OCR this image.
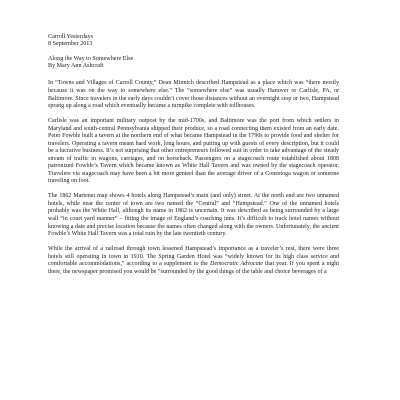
Carroll Yesterdays
8 September 2013
Along the Way to Somewhere Else
By Mary Ann Ashcraft

In “Towns and Villages of Carroll County,” Dean Minnich described Hampstead as a place which was “there mostly because it was on the way to somewhere else.” The “somewhere else” was usually Hanover or Carlisle, PA, or Baltimore. Since travelers in the early days couldn’t cover those distances without an overnight stop or two, Hampstead sprang up along a road which eventually became a turnpike complete with tollhouses.

Carlisle was an important military outpost by the mid-1700s, and Baltimore was the port from which settlers in Maryland and south-central Pennsylvania shipped their produce, so a road connecting them existed from an early date. Peter Fowble built a tavern at the northern end of what became Hampstead in the 1790s to provide food and shelter for travelers. Operating a tavern meant hard work, long hours, and putting up with guests of every description, but it could be a lucrative business. It’s not surprising that other entrepreneurs followed suit in order to take advantage of the steady stream of traffic in wagons, carriages, and on horseback. Passengers on a stagecoach route established about 1808 patronized Fowble’s Tavern which became known as White Hall Tavern and was owned by the stagecoach operator. Travelers via stagecoach may have been a bit more genteel than the average driver of a Conestoga wagon or someone traveling on foot.

The 1862 Martenet map shows 4 hotels along Hampstead’s main (and only) street. At the north end are two unnamed hotels, while near the center of town are two named the “Central” and “Hampstead.” One of the unnamed hotels probably was the White Hall, although its name in 1862 is uncertain. It was described as being surrounded by a large wall “in court yard manner” – fitting the image of England’s coaching inns. It’s difficult to track hotel names without knowing a date and precise location because the names often changed along with the owners. Unfortunately, the ancient Fowble’s White Hall Tavern was a total ruin by the late twentieth century.

While the arrival of a railroad through town lessened Hampstead’s importance as a traveler’s rest, there were three hotels still operating in town in 1910. The Spring Garden Hotel was “widely known for its high class service and comfortable accommodations,” according to a supplement to the Democratic Advocate that year. If you spent a night there, the newspaper promised you would be “surrounded by the good things of the table and choice beverages of a
